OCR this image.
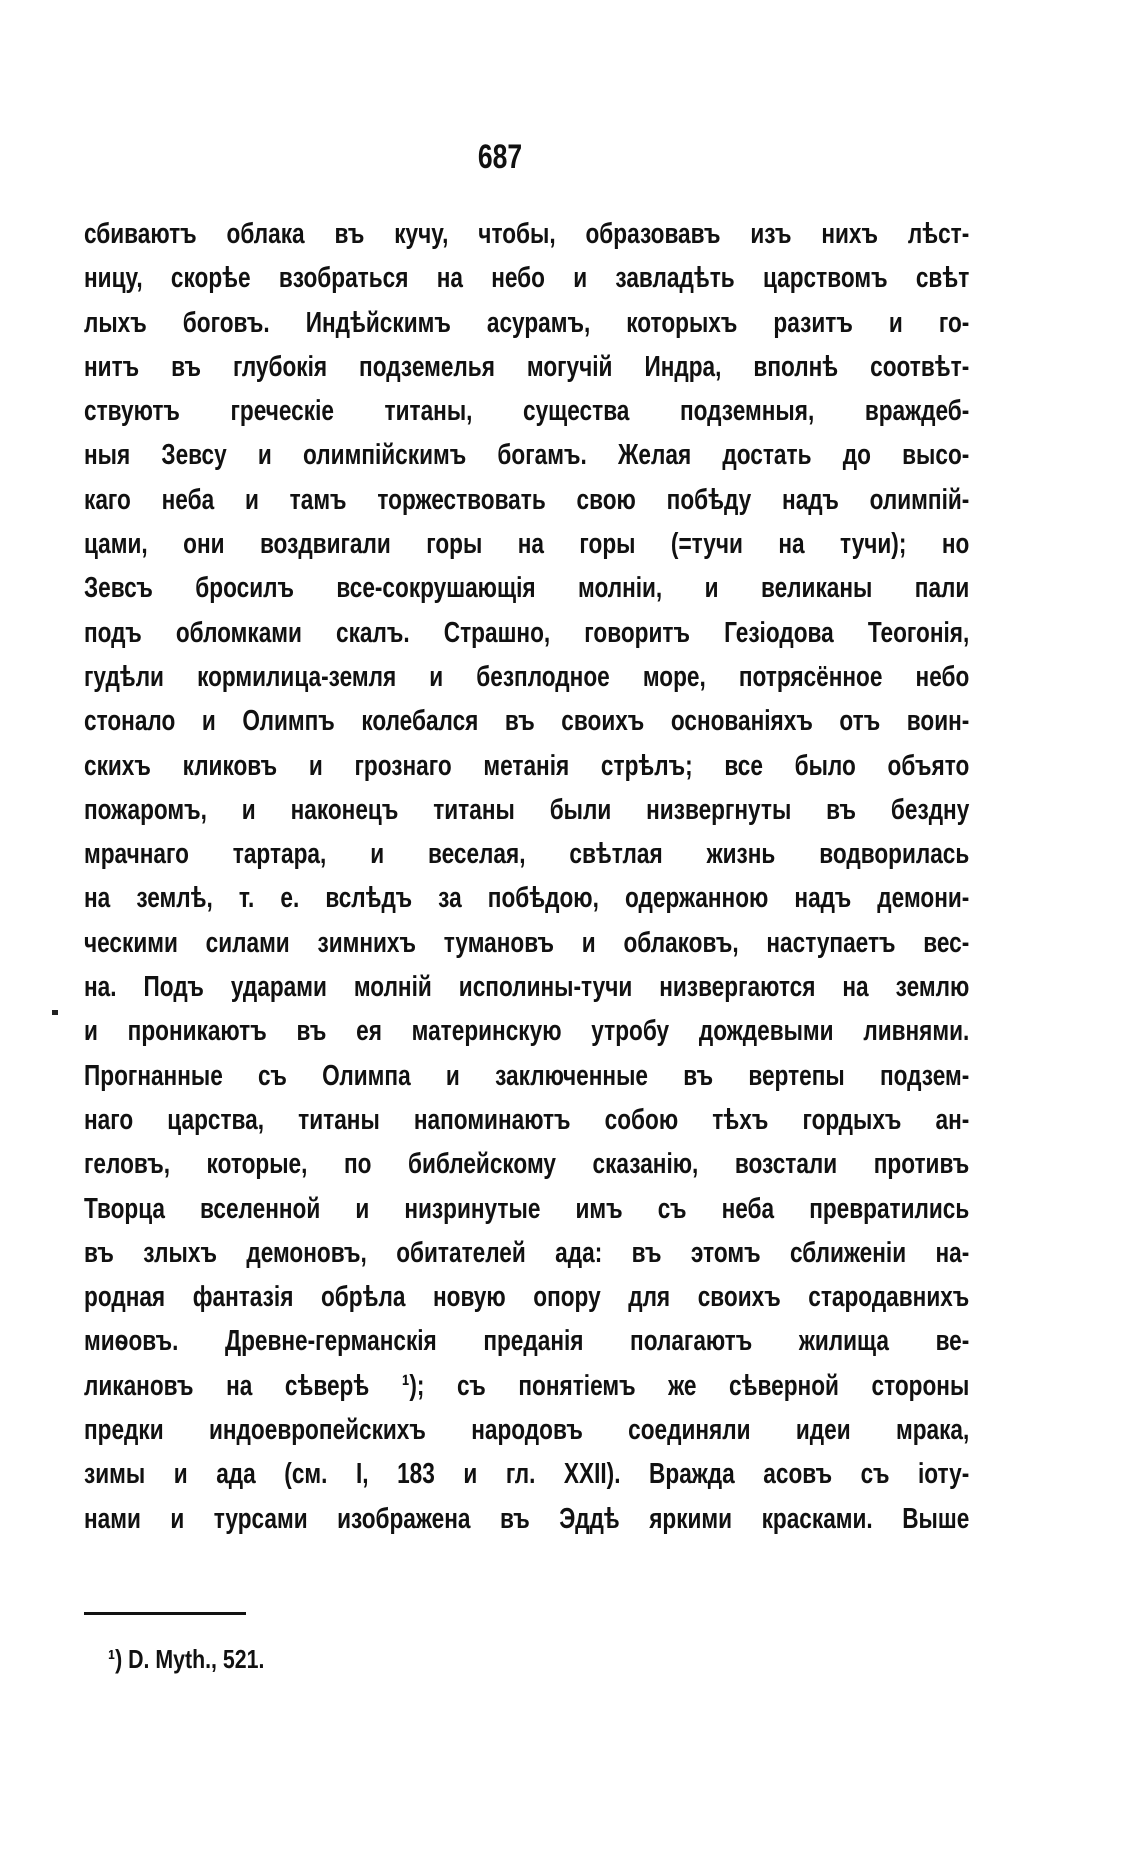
687
сбиваютъ облака въ кучу, чтобы, образовавъ изъ нихъ лѣст-
ницу, скорѣе взобраться на небо и завладѣть царствомъ свѣт
лыхъ боговъ. Индѣйскимъ асурамъ, которыхъ разитъ и го-
нитъ въ глубокія подземелья могучій Индра, вполнѣ соотвѣт-
ствуютъ греческіе титаны, существа подземныя, враждеб-
ныя Зевсу и олимпійскимъ богамъ. Желая достать до высо-
каго неба и тамъ торжествовать свою побѣду надъ олимпій-
цами, они воздвигали горы на горы (=тучи на тучи); но
Зевсъ бросилъ все-сокрушающія молніи, и великаны пали
подъ обломками скалъ. Страшно, говоритъ Гезіодова Теогонія,
гудѣли кормилица-земля и безплодное море, потрясённое небо
стонало и Олимпъ колебался въ своихъ основаніяхъ отъ воин-
скихъ кликовъ и грознаго метанія стрѣлъ; все было объято
пожаромъ, и наконецъ титаны были низвергнуты въ бездну
мрачнаго тартара, и веселая, свѣтлая жизнь водворилась
на землѣ, т. е. вслѣдъ за побѣдою, одержанною надъ демони-
ческими силами зимнихъ тумановъ и облаковъ, наступаетъ вес-
на. Подъ ударами молній исполины-тучи низвергаются на землю
и проникаютъ въ ея материнскую утробу дождевыми ливнями.
Прогнанные съ Олимпа и заключенные въ вертепы подзем-
наго царства, титаны напоминаютъ собою тѣхъ гордыхъ ан-
геловъ, которые, по библейскому сказанію, возстали противъ
Творца вселенной и низринутые имъ съ неба превратились
въ злыхъ демоновъ, обитателей ада: въ этомъ сближеніи на-
родная фантазія обрѣла новую опору для своихъ стародавнихъ
миѳовъ. Древне-германскія преданія полагаютъ жилища ве-
ликановъ на сѣверѣ ¹); съ понятіемъ же сѣверной стороны
предки индоевропейскихъ народовъ соединяли идеи мрака,
зимы и ада (см. I, 183 и гл. XXII). Вражда асовъ съ іоту-
нами и турсами изображена въ Эддѣ яркими красками. Выше
¹) D. Myth., 521.
